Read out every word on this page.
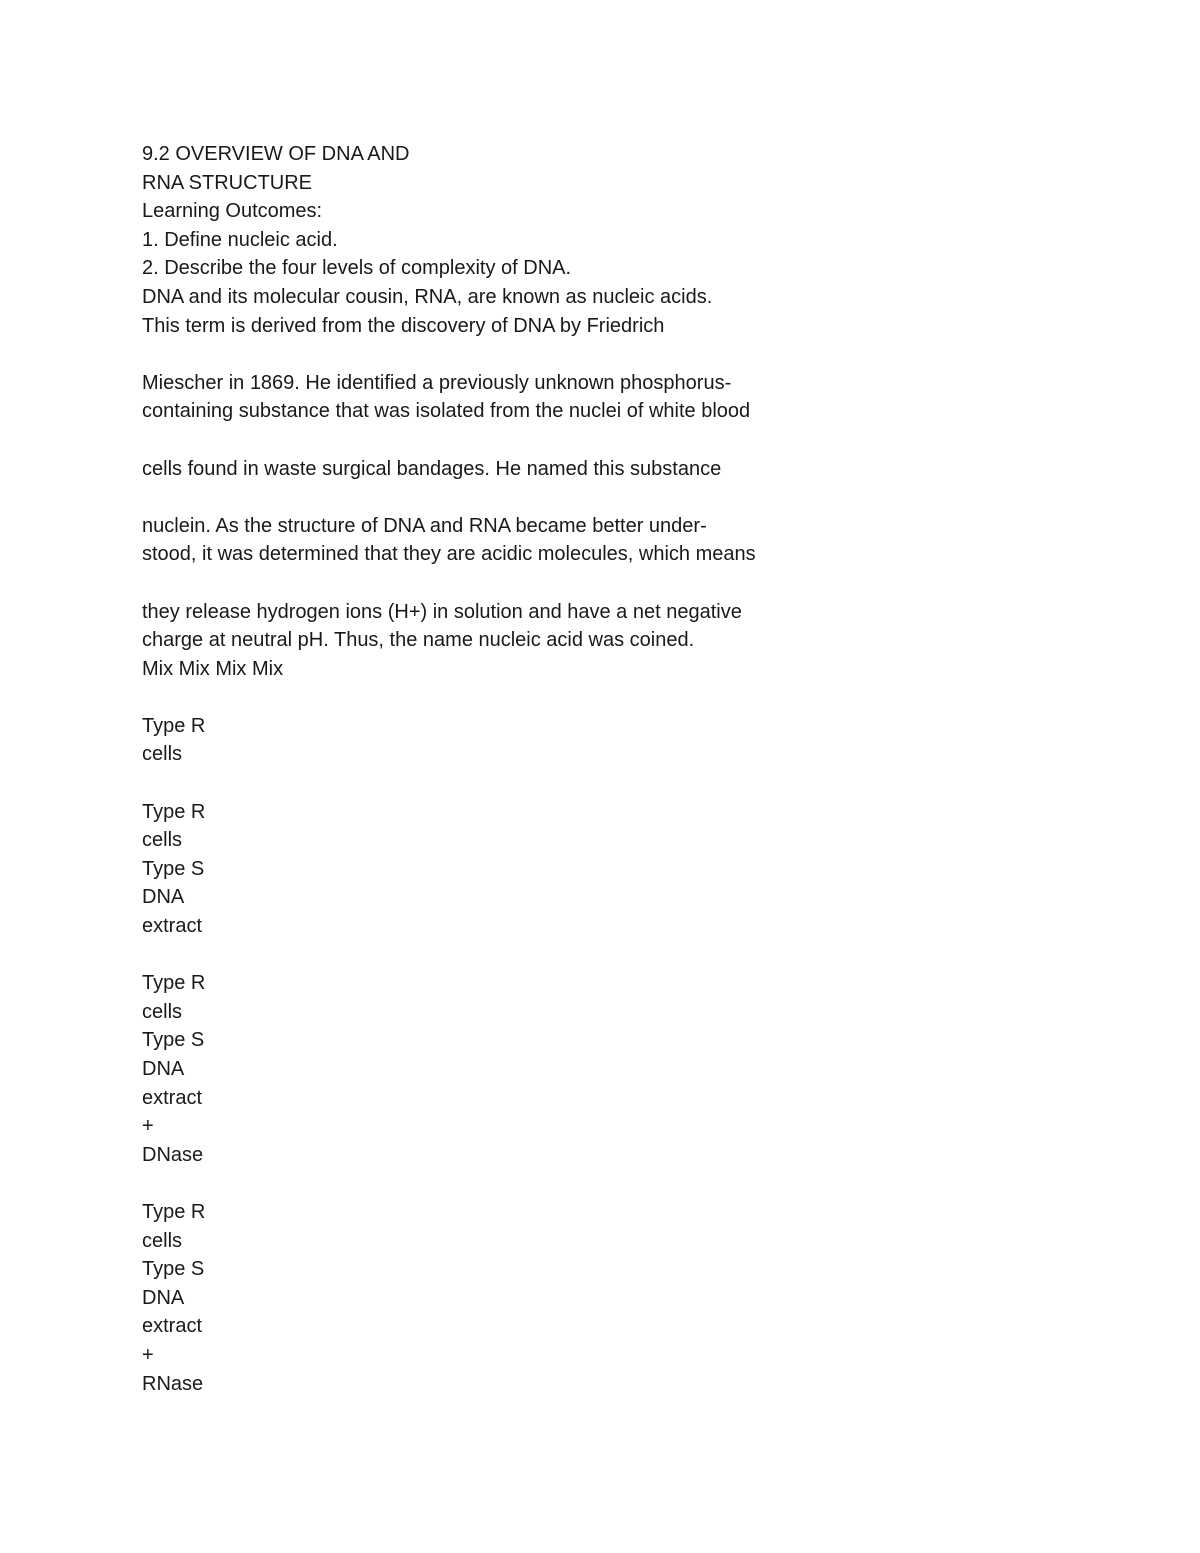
9.2 OVERVIEW OF DNA AND

RNA STRUCTURE

Learning Outcomes:

1. Define nucleic acid.

2. Describe the four levels of complexity of DNA.

DNA and its molecular cousin, RNA, are known as nucleic acids.

This term is derived from the discovery of DNA by Friedrich

Miescher in 1869. He identified a previously unknown phosphorus-

containing substance that was isolated from the nuclei of white blood

cells found in waste surgical bandages. He named this substance

nuclein. As the structure of DNA and RNA became better under-

stood, it was determined that they are acidic molecules, which means

they release hydrogen ions (H+) in solution and have a net negative

charge at neutral pH. Thus, the name nucleic acid was coined.

Mix Mix Mix Mix

Type R

cells

Type R

cells

Type S

DNA

extract

Type R

cells

Type S

DNA

extract

+

DNase

Type R

cells

Type S

DNA

extract

+

RNase
